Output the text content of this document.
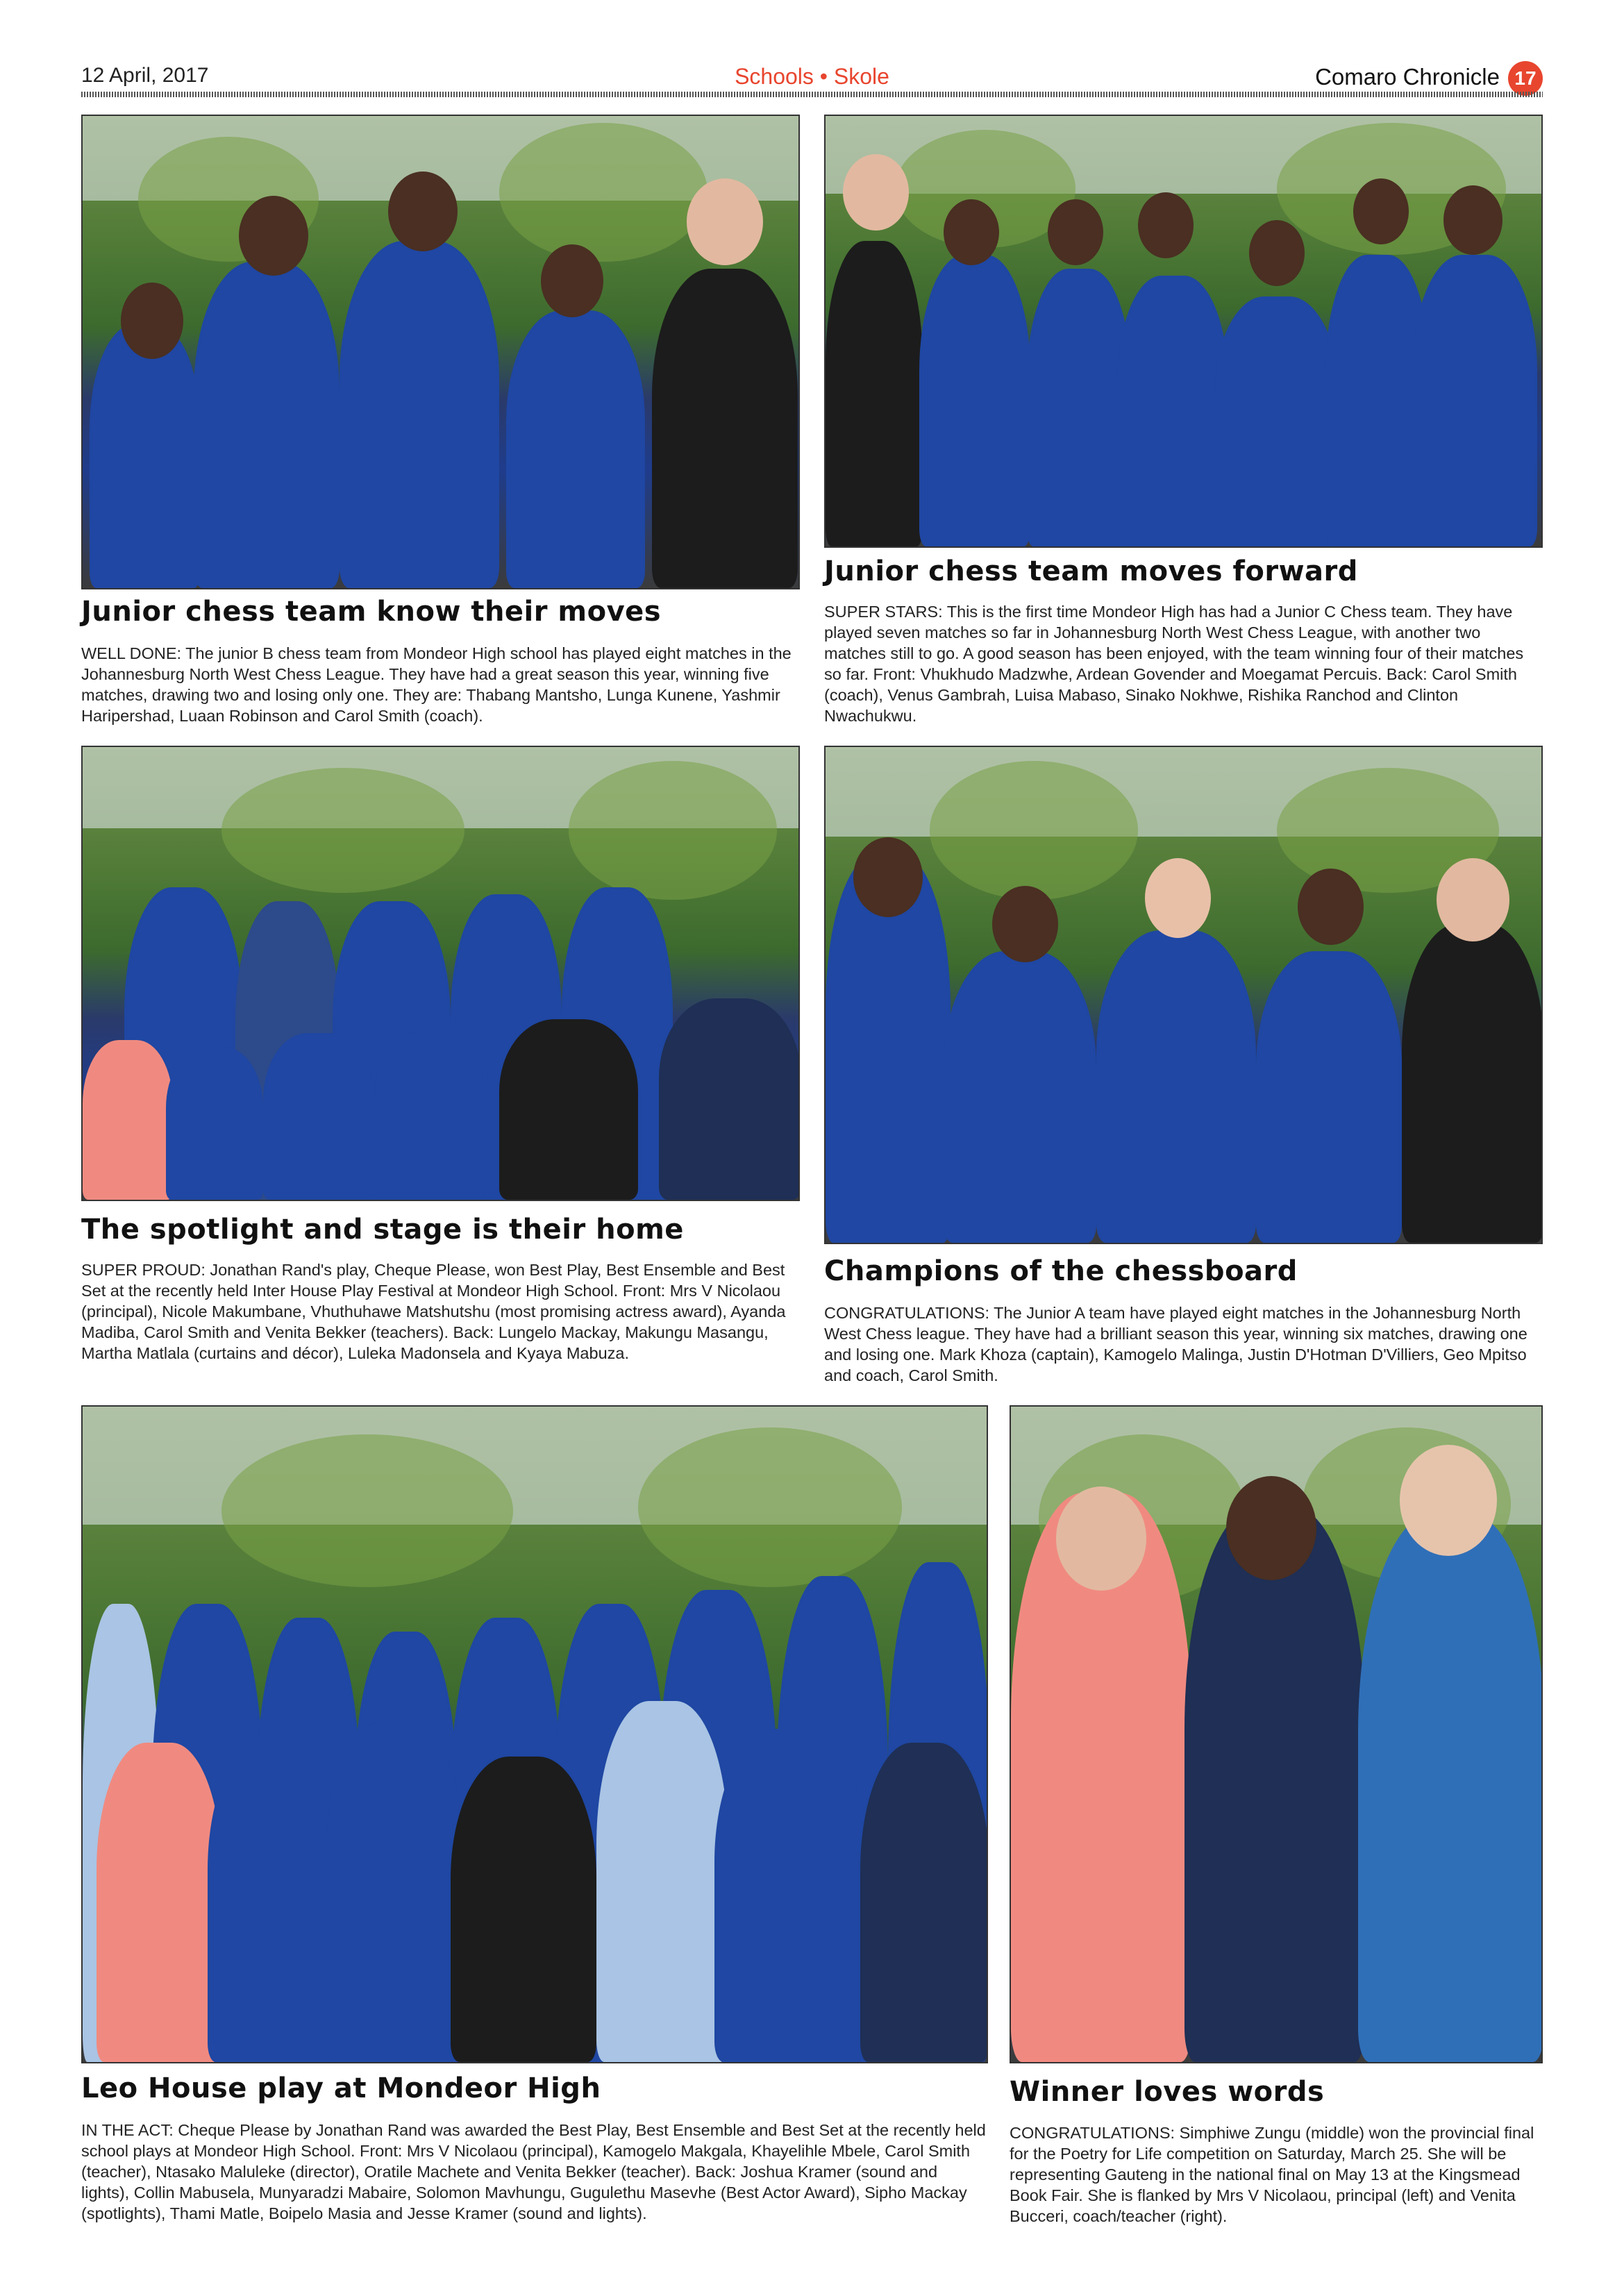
12 April, 2017	Schools • Skole	Comaro Chronicle 17
Junior chess team know their moves
WELL DONE: The junior B chess team from Mondeor High school has played eight matches in the Johannesburg North West Chess League. They have had a great season this year, winning five matches, drawing two and losing only one. They are: Thabang Mantsho, Lunga Kunene, Yashmir Haripershad, Luaan Robinson and Carol Smith (coach).
Junior chess team moves forward
SUPER STARS: This is the first time Mondeor High has had a Junior C Chess team. They have played seven matches so far in Johannesburg North West Chess League, with another two matches still to go. A good season has been enjoyed, with the team winning four of their matches so far. Front: Vhukhudo Madzwhe, Ardean Govender and Moegamat Percuis. Back: Carol Smith (coach), Venus Gambrah, Luisa Mabaso, Sinako Nokhwe, Rishika Ranchod and Clinton Nwachukwu.
The spotlight and stage is their home
SUPER PROUD: Jonathan Rand's play, Cheque Please, won Best Play, Best Ensemble and Best Set at the recently held Inter House Play Festival at Mondeor High School. Front: Mrs V Nicolaou (principal), Nicole Makumbane, Vhuthuhawe Matshutshu (most promising actress award), Ayanda Madiba, Carol Smith and Venita Bekker (teachers). Back: Lungelo Mackay, Makungu Masangu, Martha Matlala (curtains and décor), Luleka Madonsela and Kyaya Mabuza.
Champions of the chessboard
CONGRATULATIONS: The Junior A team have played eight matches in the Johannesburg North West Chess league. They have had a brilliant season this year, winning six matches, drawing one and losing one. Mark Khoza (captain), Kamogelo Malinga, Justin D'Hotman D'Villiers, Geo Mpitso and coach, Carol Smith.
Leo House play at Mondeor High
IN THE ACT: Cheque Please by Jonathan Rand was awarded the Best Play, Best Ensemble and Best Set at the recently held school plays at Mondeor High School. Front: Mrs V Nicolaou (principal), Kamogelo Makgala, Khayelihle Mbele, Carol Smith (teacher), Ntasako Maluleke (director), Oratile Machete and Venita Bekker (teacher). Back: Joshua Kramer (sound and lights), Collin Mabusela, Munyaradzi Mabaire, Solomon Mavhungu, Gugulethu Masevhe (Best Actor Award), Sipho Mackay (spotlights), Thami Matle, Boipelo Masia and Jesse Kramer (sound and lights).
Winner loves words
CONGRATULATIONS: Simphiwe Zungu (middle) won the provincial final for the Poetry for Life competition on Saturday, March 25. She will be representing Gauteng in the national final on May 13 at the Kingsmead Book Fair. She is flanked by Mrs V Nicolaou, principal (left) and Venita Bucceri, coach/teacher (right).
